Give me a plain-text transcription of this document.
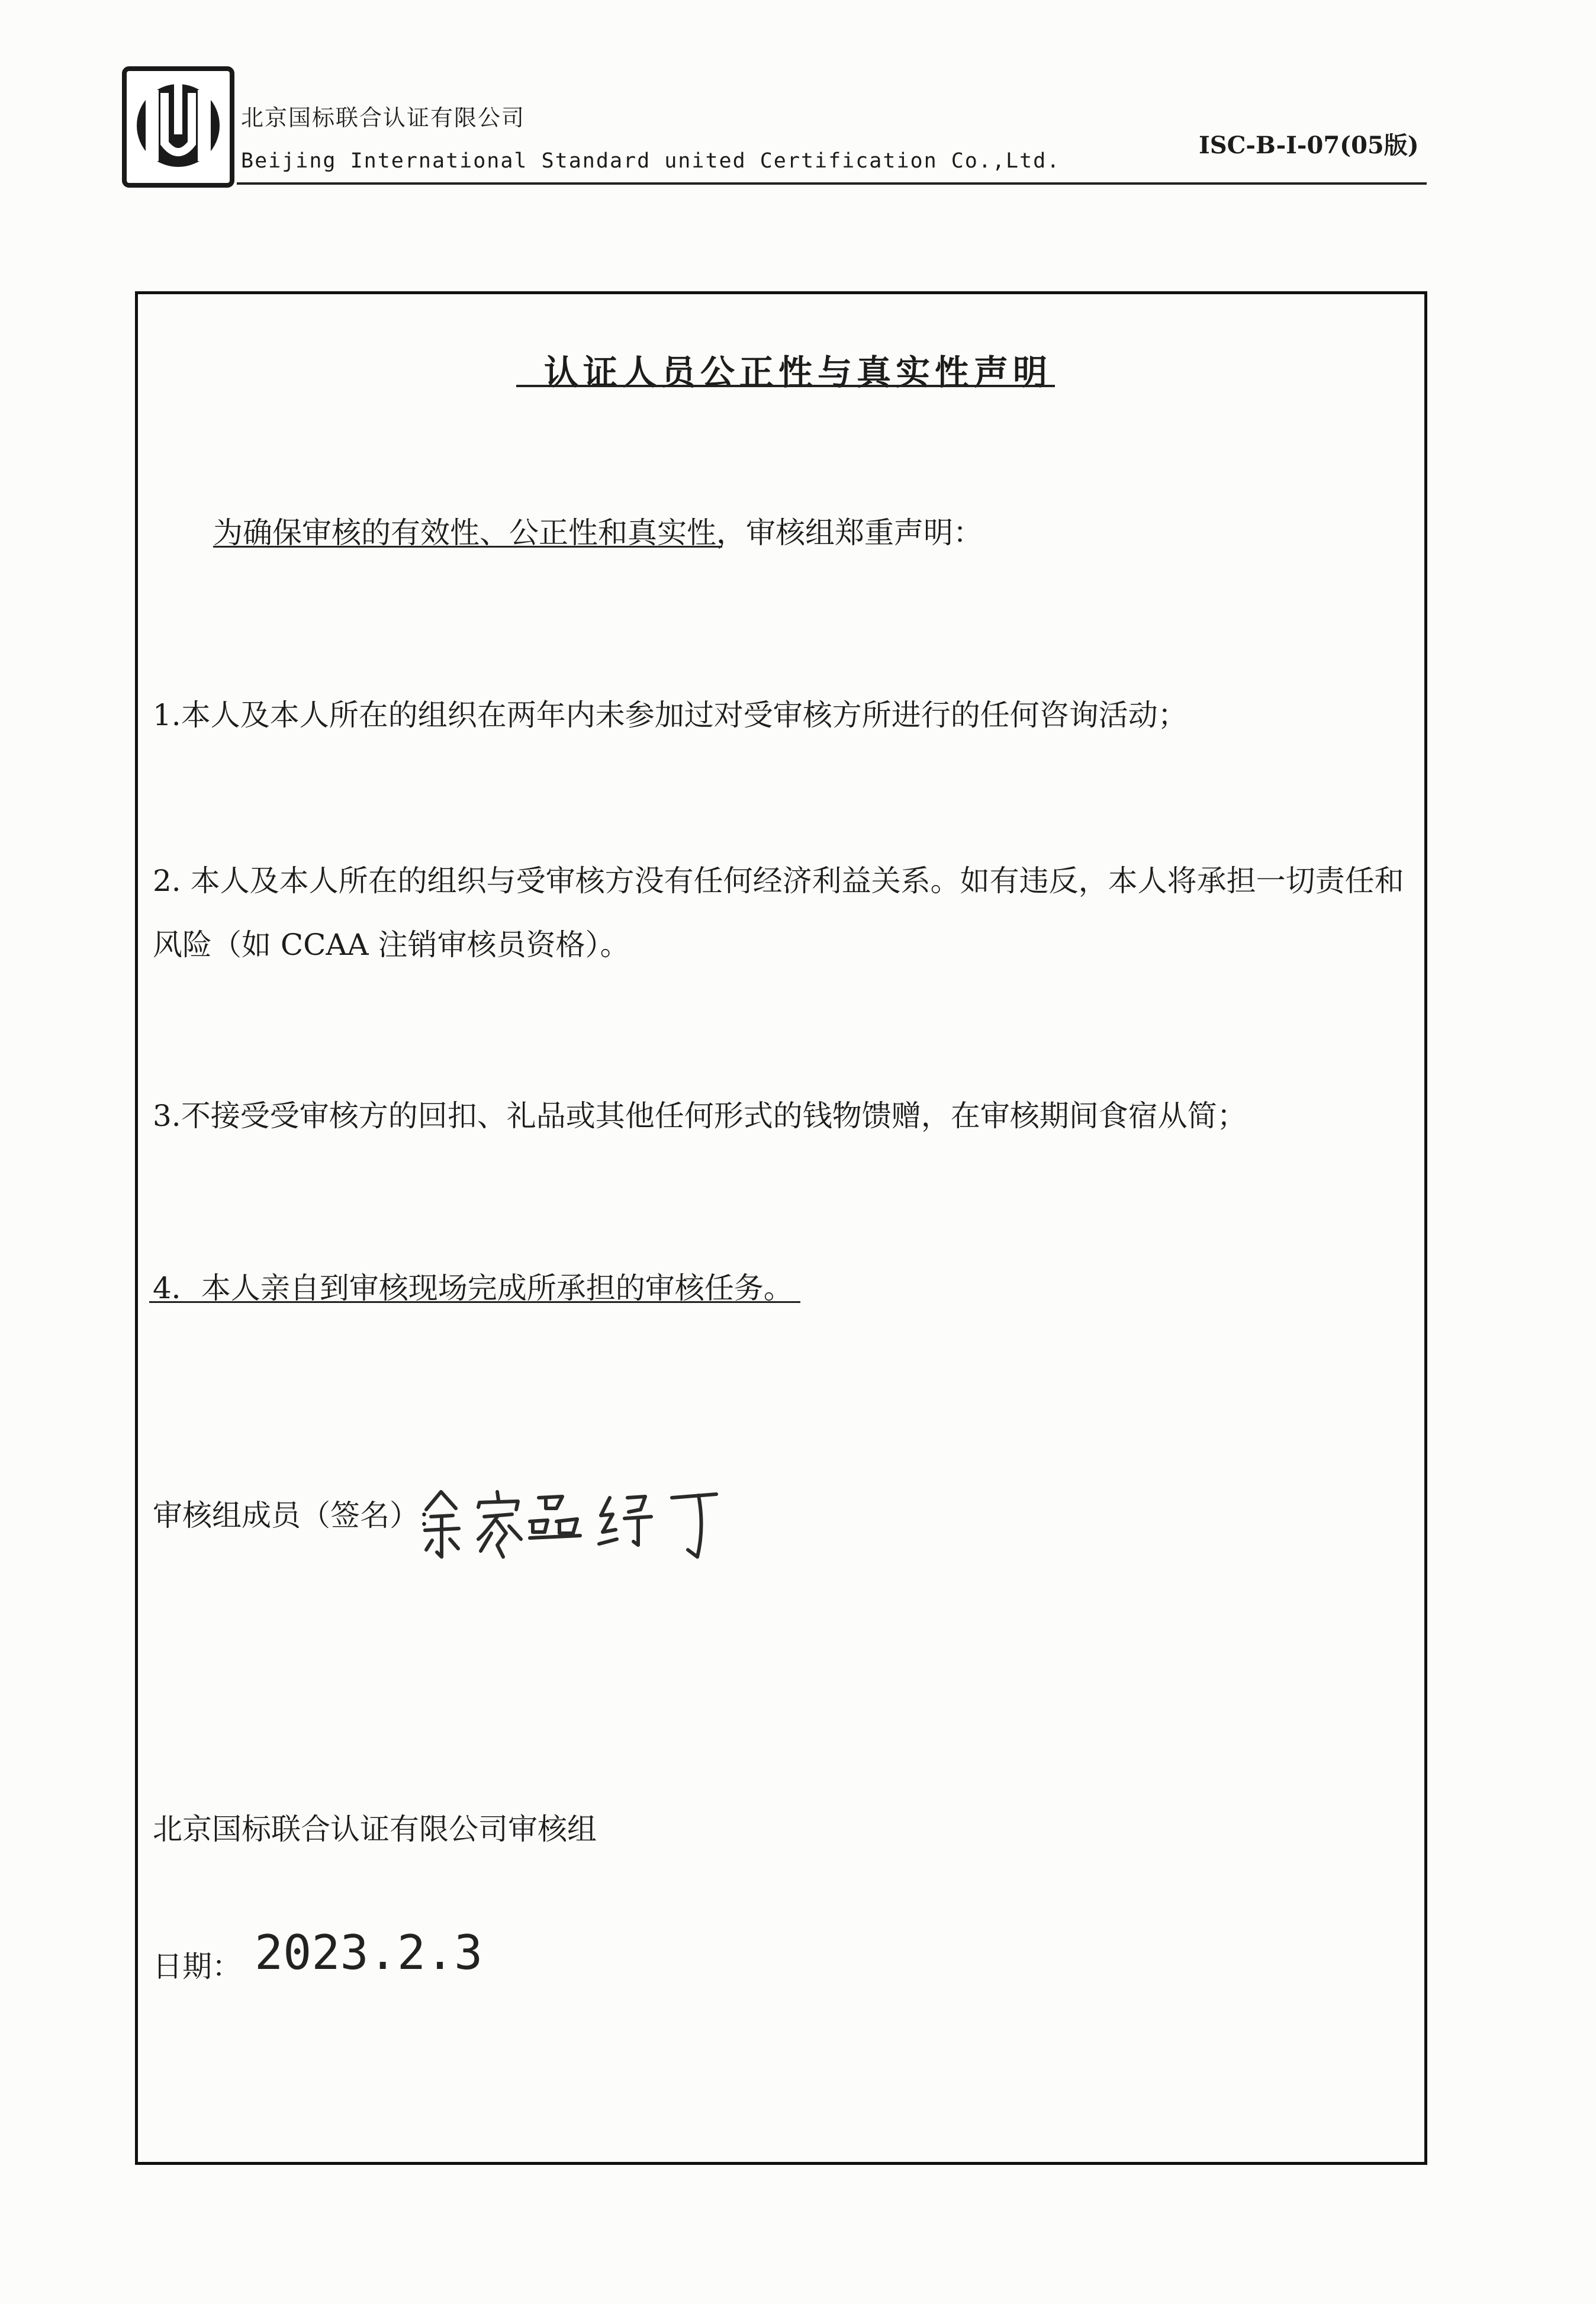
北京国标联合认证有限公司
Beijing International Standard united Certification Co.,Ltd.
ISC-B-I-07(05版)
认证人员公正性与真实性声明
为确保审核的有效性、公正性和真实性，审核组郑重声明：
1.本人及本人所在的组织在两年内未参加过对受审核方所进行的任何咨询活动；
2. 本人及本人所在的组织与受审核方没有任何经济利益关系。如有违反，本人将承担一切责任和
风险（如 CCAA 注销审核员资格）。
3.不接受受审核方的回扣、礼品或其他任何形式的钱物馈赠，在审核期间食宿从简；
4．本人亲自到审核现场完成所承担的审核任务。
审核组成员（签名）:
北京国标联合认证有限公司审核组
日期： 2023.2.3
